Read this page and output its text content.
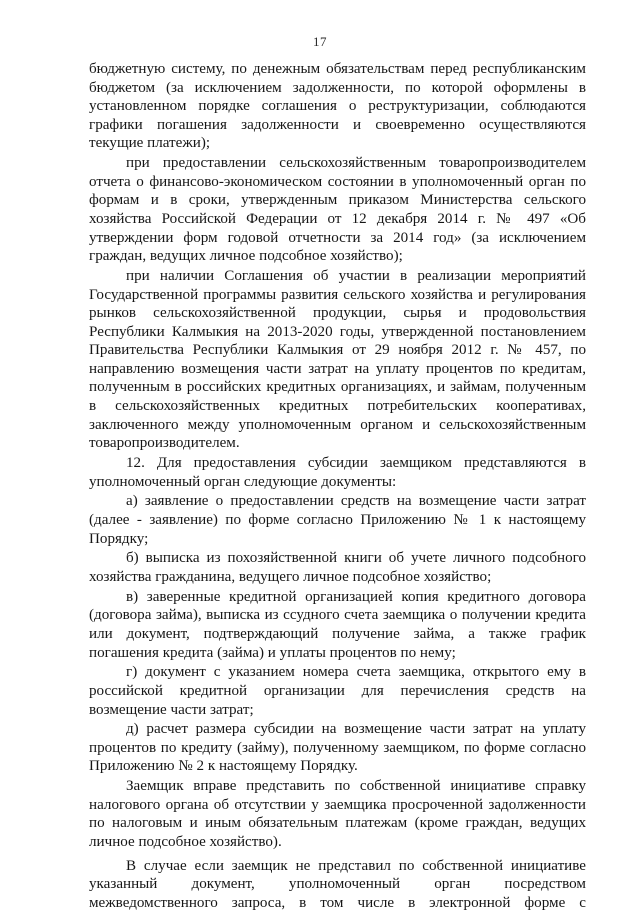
17

бюджетную систему, по денежным обязательствам перед республиканским бюджетом (за исключением задолженности, по которой оформлены в установленном порядке соглашения о реструктуризации, соблюдаются графики погашения задолженности и своевременно осуществляются текущие платежи);

при предоставлении сельскохозяйственным товаропроизводителем отчета о финансово-экономическом состоянии в уполномоченный орган по формам и в сроки, утвержденным приказом Министерства сельского хозяйства Российской Федерации от 12 декабря 2014 г. № 497 «Об утверждении форм годовой отчетности за 2014 год» (за исключением граждан, ведущих личное подсобное хозяйство);

при наличии Соглашения об участии в реализации мероприятий Государственной программы развития сельского хозяйства и регулирования рынков сельскохозяйственной продукции, сырья и продовольствия Республики Калмыкия на 2013-2020 годы, утвержденной постановлением Правительства Республики Калмыкия от 29 ноября 2012 г. № 457, по направлению возмещения части затрат на уплату процентов по кредитам, полученным в российских кредитных организациях, и займам, полученным в сельскохозяйственных кредитных потребительских кооперативах, заключенного между уполномоченным органом и сельскохозяйственным товаропроизводителем.

12. Для предоставления субсидии заемщиком представляются в уполномоченный орган следующие документы:

а) заявление о предоставлении средств на возмещение части затрат (далее - заявление) по форме согласно Приложению № 1 к настоящему Порядку;

б) выписка из похозяйственной книги об учете личного подсобного хозяйства гражданина, ведущего личное подсобное хозяйство;

в) заверенные кредитной организацией копия кредитного договора (договора займа), выписка из ссудного счета заемщика о получении кредита или документ, подтверждающий получение займа, а также график погашения кредита (займа) и уплаты процентов по нему;

г) документ с указанием номера счета заемщика, открытого ему в российской кредитной организации для перечисления средств на возмещение части затрат;

д) расчет размера субсидии на возмещение части затрат на уплату процентов по кредиту (займу), полученному заемщиком, по форме согласно Приложению № 2 к настоящему Порядку.

Заемщик вправе представить по собственной инициативе справку налогового органа об отсутствии у заемщика просроченной задолженности по налоговым и иным обязательным платежам (кроме граждан, ведущих личное подсобное хозяйство).

В случае если заемщик не представил по собственной инициативе указанный документ, уполномоченный орган посредством межведомственного запроса, в том числе в электронной форме с
